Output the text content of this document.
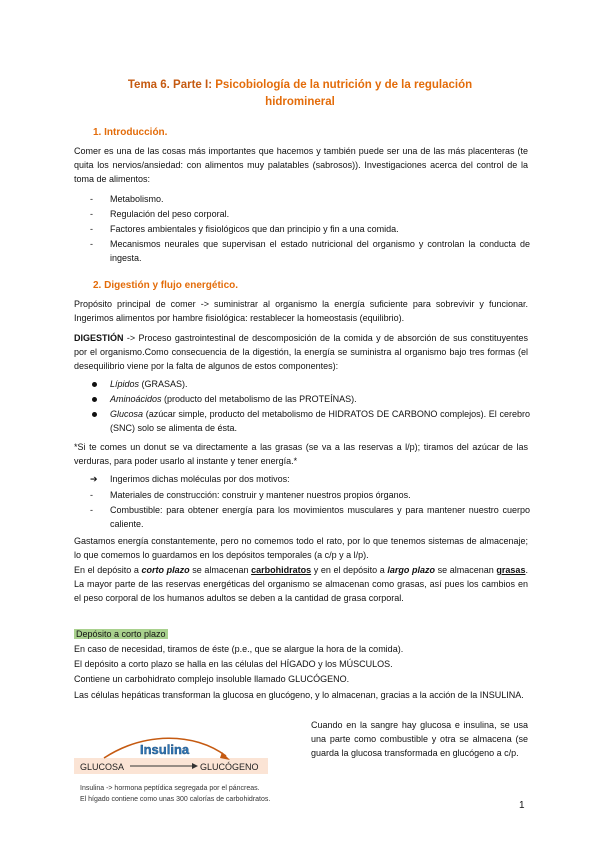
Tema 6. Parte I: Psicobiología de la nutrición y de la regulación
hidromineral
1. Introducción.
Comer es una de las cosas más importantes que hacemos y también puede ser una de las más placenteras (te quita los nervios/ansiedad: con alimentos muy palatables (sabrosos)). Investigaciones acerca del control de la toma de alimentos:
- Metabolismo.
- Regulación del peso corporal.
- Factores ambientales y fisiológicos que dan principio y fin a una comida.
- Mecanismos neurales que supervisan el estado nutricional del organismo y controlan la conducta de ingesta.
2. Digestión y flujo energético.
Propósito principal de comer -> suministrar al organismo la energía suficiente para sobrevivir y funcionar. Ingerimos alimentos por hambre fisiológica: restablecer la homeostasis (equilibrio).
DIGESTIÓN -> Proceso gastrointestinal de descomposición de la comida y de absorción de sus constituyentes por el organismo.Como consecuencia de la digestión, la energía se suministra al organismo bajo tres formas (el desequilibrio viene por la falta de algunos de estos componentes):
Lípidos (GRASAS).
Aminoácidos (producto del metabolismo de las PROTEÍNAS).
Glucosa (azúcar simple, producto del metabolismo de HIDRATOS DE CARBONO complejos). El cerebro (SNC) solo se alimenta de ésta.
*Si te comes un donut se va directamente a las grasas (se va a las reservas a l/p); tiramos del azúcar de las verduras, para poder usarlo al instante y tener energía.*
➔ Ingerimos dichas moléculas por dos motivos:
- Materiales de construcción: construir y mantener nuestros propios órganos.
- Combustible: para obtener energía para los movimientos musculares y para mantener nuestro cuerpo caliente.
Gastamos energía constantemente, pero no comemos todo el rato, por lo que tenemos sistemas de almacenaje; lo que comemos lo guardamos en los depósitos temporales (a c/p y a l/p).
En el depósito a corto plazo se almacenan carbohidratos y en el depósito a largo plazo se almacenan grasas. La mayor parte de las reservas energéticas del organismo se almacenan como grasas, así pues los cambios en el peso corporal de los humanos adultos se deben a la cantidad de grasa corporal.
Depósito a corto plazo
En caso de necesidad, tiramos de éste (p.e., que se alargue la hora de la comida).
El depósito a corto plazo se halla en las células del HÍGADO y los MÚSCULOS.
Contiene un carbohidrato complejo insoluble llamado GLUCÓGENO.
Las células hepáticas transforman la glucosa en glucógeno, y lo almacenan, gracias a la acción de la INSULINA.
Cuando en la sangre hay glucosa e insulina, se usa una parte como combustible y otra se almacena (se guarda la glucosa transformada en glucógeno a c/p.
Insulina
GLUCOSA	GLUCÓGENO
Insulina -> hormona peptídica segregada por el páncreas.
El hígado contiene como unas 300 calorías de carbohidratos.
1
